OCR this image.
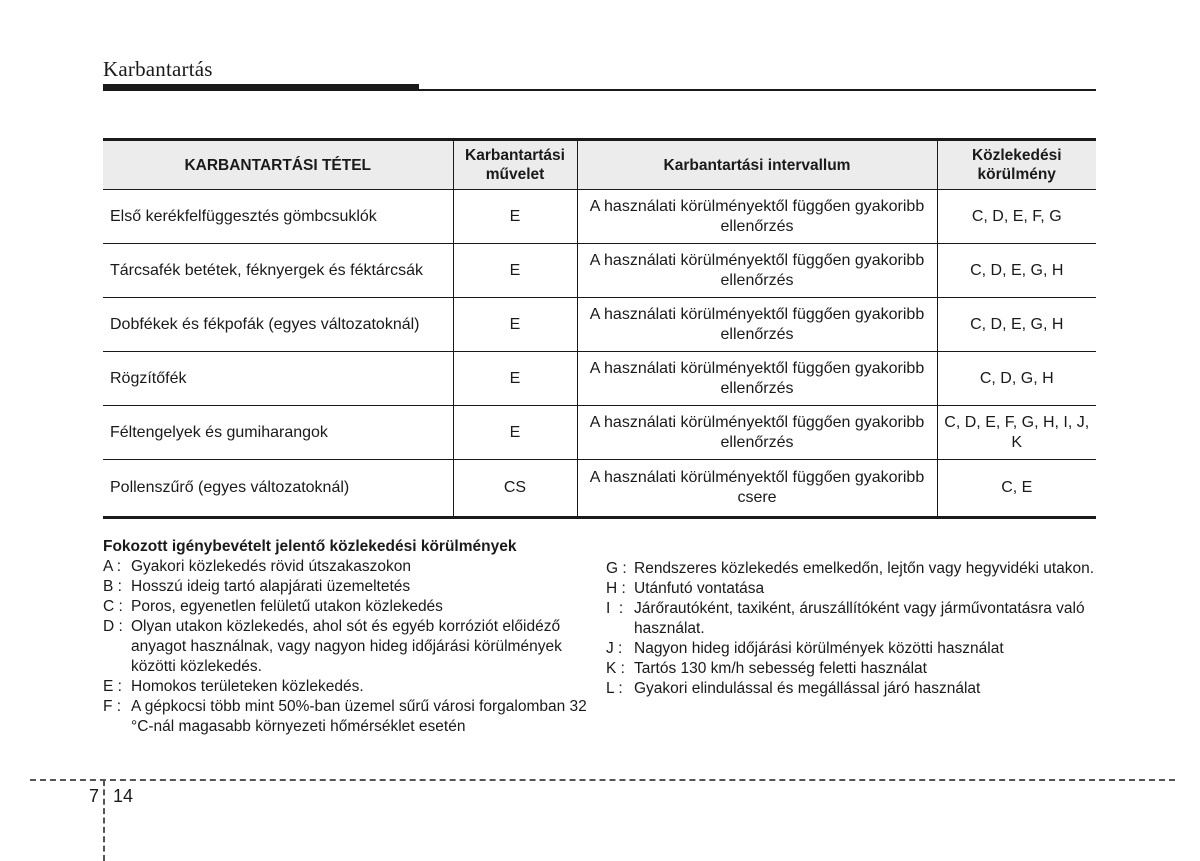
Karbantartás
KARBANTARTÁSI TÉTEL	Karbantartási művelet	Karbantartási intervallum	Közlekedési körülmény
Első kerékfelfüggesztés gömbcsuklók	E	A használati körülményektől függően gyakoribb ellenőrzés	C, D, E, F, G
Tárcsafék betétek, féknyergek és féktárcsák	E	A használati körülményektől függően gyakoribb ellenőrzés	C, D, E, G, H
Dobfékek és fékpofák (egyes változatoknál)	E	A használati körülményektől függően gyakoribb ellenőrzés	C, D, E, G, H
Rögzítőfék	E	A használati körülményektől függően gyakoribb ellenőrzés	C, D, G, H
Féltengelyek és gumiharangok	E	A használati körülményektől függően gyakoribb ellenőrzés	C, D, E, F, G, H, I, J, K
Pollenszűrő (egyes változatoknál)	CS	A használati körülményektől függően gyakoribb csere	C, E
Fokozott igénybevételt jelentő közlekedési körülmények
A : Gyakori közlekedés rövid útszakaszokon
B : Hosszú ideig tartó alapjárati üzemeltetés
C : Poros, egyenetlen felületű utakon közlekedés
D : Olyan utakon közlekedés, ahol sót és egyéb korróziót előidéző anyagot használnak, vagy nagyon hideg időjárási körülmények közötti közlekedés.
E : Homokos területeken közlekedés.
F : A gépkocsi több mint 50%-ban üzemel sűrű városi forgalomban 32 °C-nál magasabb környezeti hőmérséklet esetén
G : Rendszeres közlekedés emelkedőn, lejtőn vagy hegyvidéki utakon.
H : Utánfutó vontatása
I  : Járőrautóként, taxiként, áruszállítóként vagy járművontatásra való használat.
J : Nagyon hideg időjárási körülmények közötti használat
K : Tartós 130 km/h sebesség feletti használat
L : Gyakori elindulással és megállással járó használat
7 14
